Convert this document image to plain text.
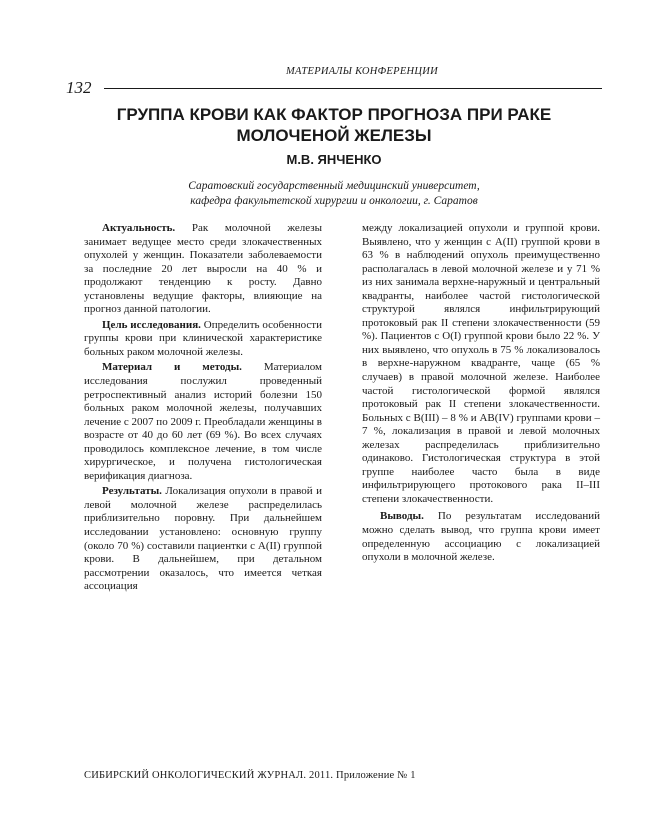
МАТЕРИАЛЫ КОНФЕРЕНЦИИ
132
ГРУППА КРОВИ КАК ФАКТОР ПРОГНОЗА ПРИ РАКЕ МОЛОЧЕНОЙ ЖЕЛЕЗЫ
М.В. ЯНЧЕНКО
Саратовский государственный медицинский университет,
кафедра факультетской хирургии и онкологии, г. Саратов

Актуальность. Рак молочной железы занимает ведущее место среди злокачественных опухолей у женщин. Показатели заболеваемости за последние 20 лет выросли на 40 % и продолжают тенденцию к росту. Давно установлены ведущие факторы, влияющие на прогноз данной патологии.

Цель исследования. Определить особенности группы крови при клинической характеристике больных раком молочной железы.

Материал и методы. Материалом исследования послужил проведенный ретроспективный анализ историй болезни 150 больных раком молочной железы, получавших лечение с 2007 по 2009 г. Преобладали женщины в возрасте от 40 до 60 лет (69 %). Во всех случаях проводилось комплексное лечение, в том числе хирургическое, и получена гистологическая верификация диагноза.

Результаты. Локализация опухоли в правой и левой молочной железе распределилась приблизительно поровну. При дальнейшем исследовании установлено: основную группу (около 70 %) составили пациентки с А(II) группой крови. В дальнейшем, при детальном рассмотрении оказалось, что имеется четкая ассоциация

между локализацией опухоли и группой крови. Выявлено, что у женщин с А(II) группой крови в 63 % в наблюдений опухоль преимущественно располагалась в левой молочной железе и у 71 % из них занимала верхне-наружный и центральный квадранты, наиболее частой гистологической структурой являлся инфильтрирующий протоковый рак II степени злокачественности (59 %). Пациентов с О(I) группой крови было 22 %. У них выявлено, что опухоль в 75 % локализовалось в верхне-наружном квадранте, чаще (65 % случаев) в правой молочной железе. Наиболее частой гистологической формой являлся протоковый рак II степени злокачественности. Больных с В(III) – 8 % и АВ(IV) группами крови – 7 %, локализация в правой и левой молочных железах распределилась приблизительно одинаково. Гистологическая структура в этой группе наиболее часто была в виде инфильтрирующего протокового рака II–III степени злокачественности.

Выводы. По результатам исследований можно сделать вывод, что группа крови имеет определенную ассоциацию с локализацией опухоли в молочной железе.

СИБИРСКИЙ ОНКОЛОГИЧЕСКИЙ ЖУРНАЛ. 2011. Приложение № 1
